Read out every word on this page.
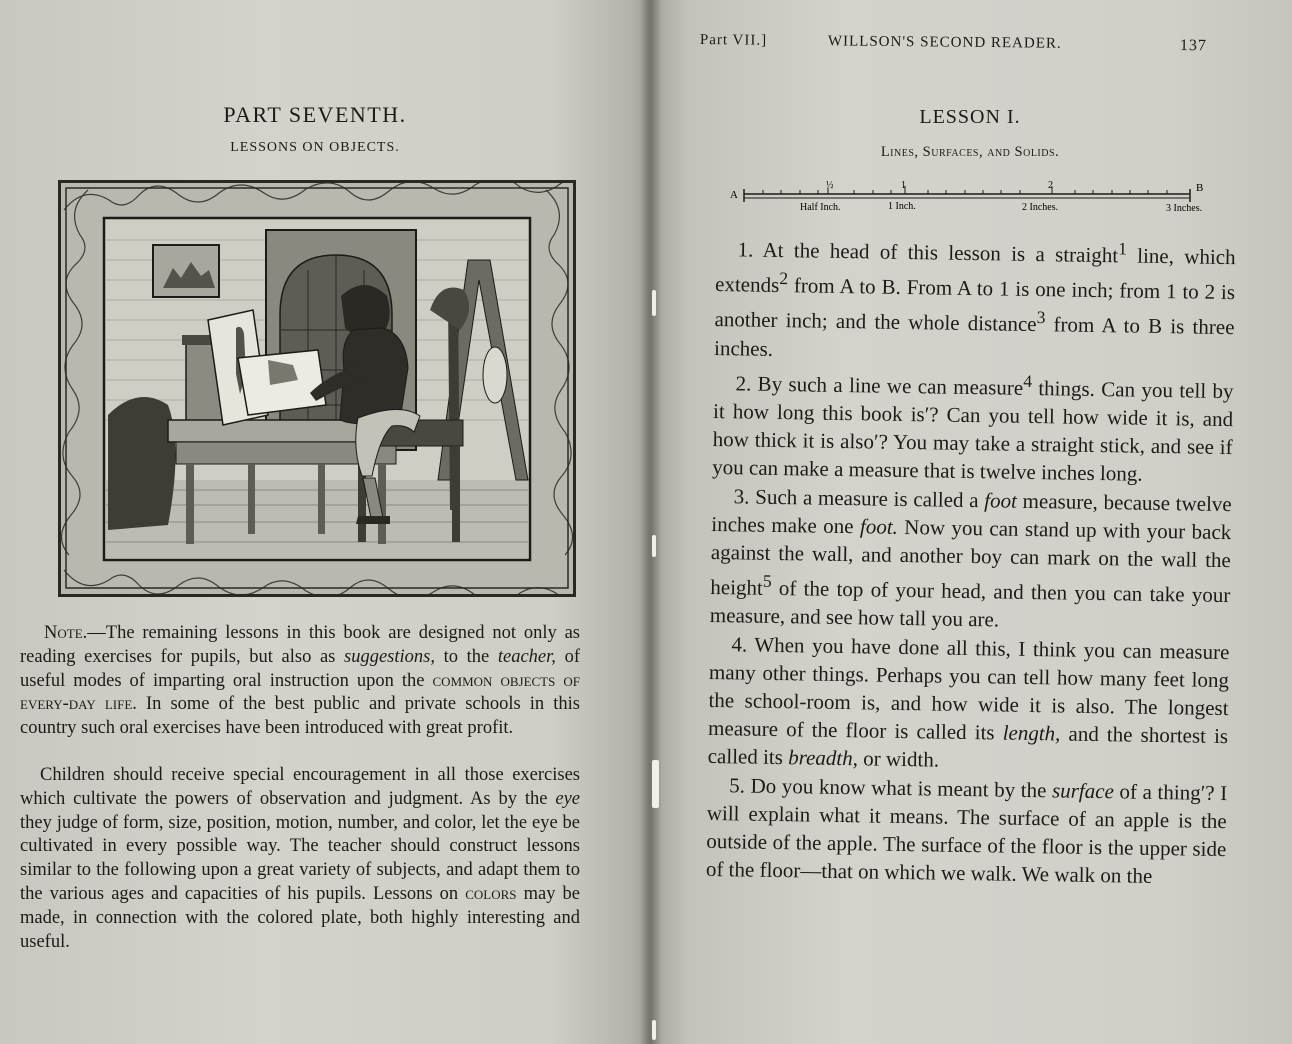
PART SEVENTH.
LESSONS ON OBJECTS.
Note.—The remaining lessons in this book are designed not only as reading exercises for pupils, but also as suggestions, to the teacher, of useful modes of imparting oral instruction upon the common objects of every-day life. In some of the best public and private schools in this country such oral exercises have been introduced with great profit.
Children should receive special encouragement in all those exercises which cultivate the powers of observation and judgment. As by the eye they judge of form, size, position, motion, number, and color, let the eye be cultivated in every possible way. The teacher should construct lessons similar to the following upon a great variety of subjects, and adapt them to the various ages and capacities of his pupils. Lessons on colors may be made, in connection with the colored plate, both highly interesting and useful.
Part VII.]	WILLSON'S SECOND READER.	137
LESSON I.
Lines, Surfaces, and Solids.
A
B
½	1	2
Half Inch.	1 Inch.	2 Inches.	3 Inches.

1. At the head of this lesson is a straight$^1$ line, which extends$^2$ from A to B. From A to 1 is one inch; from 1 to 2 is another inch; and the whole distance$^3$ from A to B is three inches.

2. By such a line we can measure$^4$ things. Can you tell by it how long this book is′? Can you tell how wide it is, and how thick it is also′? You may take a straight stick, and see if you can make a measure that is twelve inches long.

3. Such a measure is called a foot measure, because twelve inches make one foot. Now you can stand up with your back against the wall, and another boy can mark on the wall the height$^5$ of the top of your head, and then you can take your measure, and see how tall you are.

4. When you have done all this, I think you can measure many other things. Perhaps you can tell how many feet long the school-room is, and how wide it is also. The longest measure of the floor is called its length, and the shortest is called its breadth, or width.

5. Do you know what is meant by the surface of a thing′? I will explain what it means. The surface of an apple is the outside of the apple. The surface of the floor is the upper side of the floor—that on which we walk. We walk on the
